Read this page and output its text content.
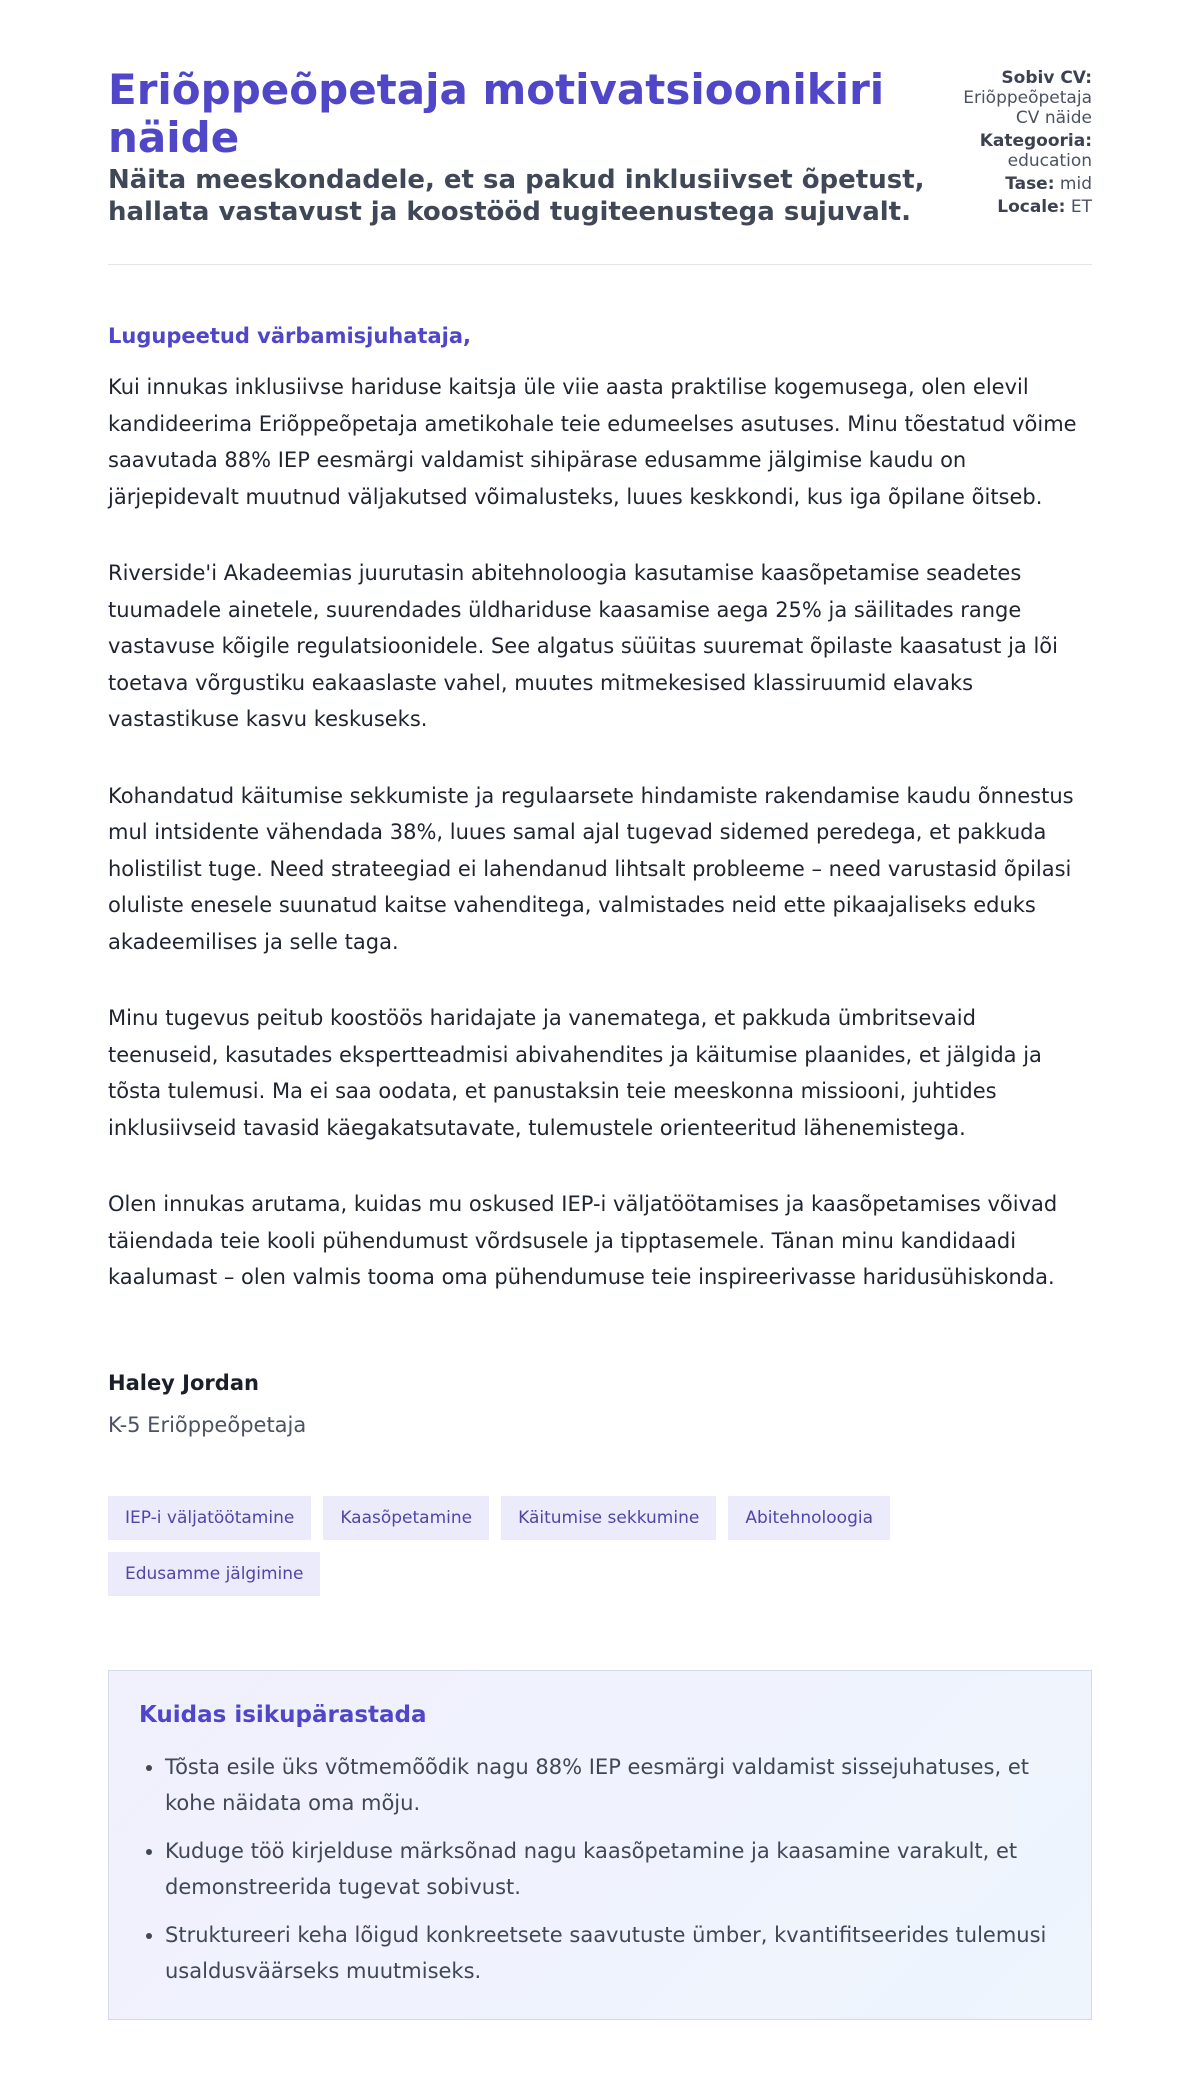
Eriõppeõpetaja motivatsioonikiri näide

Näita meeskondadele, et sa pakud inklusiivset õpetust, hallata vastavust ja koostööd tugiteenustega sujuvalt.

Sobiv CV:
Eriõppeõpetaja CV näide
Kategooria:
education
Tase: mid
Locale: ET

Lugupeetud värbamisjuhataja,

Kui innukas inklusiivse hariduse kaitsja üle viie aasta praktilise kogemusega, olen elevil kandideerima Eriõppeõpetaja ametikohale teie edumeelses asutuses. Minu tõestatud võime saavutada 88% IEP eesmärgi valdamist sihipärase edusamme jälgimise kaudu on järjepidevalt muutnud väljakutsed võimalusteks, luues keskkondi, kus iga õpilane õitseb.

Riverside'i Akadeemias juurutasin abitehnoloogia kasutamise kaasõpetamise seadetes tuumadele ainetele, suurendades üldhariduse kaasamise aega 25% ja säilitades range vastavuse kõigile regulatsioonidele. See algatus süüitas suuremat õpilaste kaasatust ja lõi toetava võrgustiku eakaaslaste vahel, muutes mitmekesised klassiruumid elavaks vastastikuse kasvu keskuseks.

Kohandatud käitumise sekkumiste ja regulaarsete hindamiste rakendamise kaudu õnnestus mul intsidente vähendada 38%, luues samal ajal tugevad sidemed peredega, et pakkuda holistilist tuge. Need strateegiad ei lahendanud lihtsalt probleeme – need varustasid õpilasi oluliste enesele suunatud kaitse vahenditega, valmistades neid ette pikaajaliseks eduks akadeemilises ja selle taga.

Minu tugevus peitub koostöös haridajate ja vanematega, et pakkuda ümbritsevaid teenuseid, kasutades ekspertteadmisi abivahendites ja käitumise plaanides, et jälgida ja tõsta tulemusi. Ma ei saa oodata, et panustaksin teie meeskonna missiooni, juhtides inklusiivseid tavasid käegakatsutavate, tulemustele orienteeritud lähenemistega.

Olen innukas arutama, kuidas mu oskused IEP-i väljatöötamises ja kaasõpetamises võivad täiendada teie kooli pühendumust võrdsusele ja tipptasemele. Tänan minu kandidaadi kaalumast – olen valmis tooma oma pühendumuse teie inspireerivasse haridusühiskonda.

Haley Jordan
K-5 Eriõppeõpetaja
IEP-i väljatöötamine	Kaasõpetamine	Käitumise sekkumine	Abitehnoloogia
Edusamme jälgimine
Kuidas isikupärastada
• Tõsta esile üks võtmemõõdik nagu 88% IEP eesmärgi valdamist sissejuhatuses, et kohe näidata oma mõju.
• Kuduge töö kirjelduse märksõnad nagu kaasõpetamine ja kaasamine varakult, et demonstreerida tugevat sobivust.
• Struktureeri keha lõigud konkreetsete saavutuste ümber, kvantifitseerides tulemusi usaldusväärseks muutmiseks.
